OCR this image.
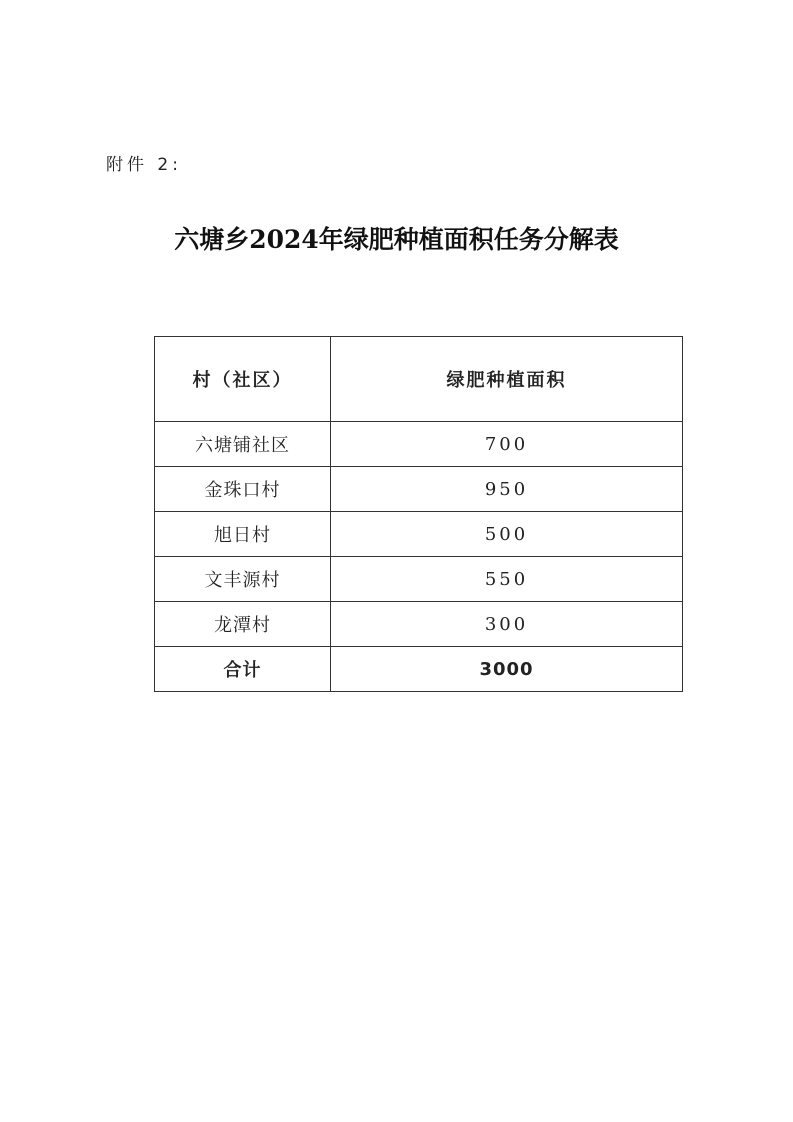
附件 2:
六塘乡2024年绿肥种植面积任务分解表
村（社区）	绿肥种植面积
六塘铺社区	700
金珠口村	950
旭日村	500
文丰源村	550
龙潭村	300
合计	3000
